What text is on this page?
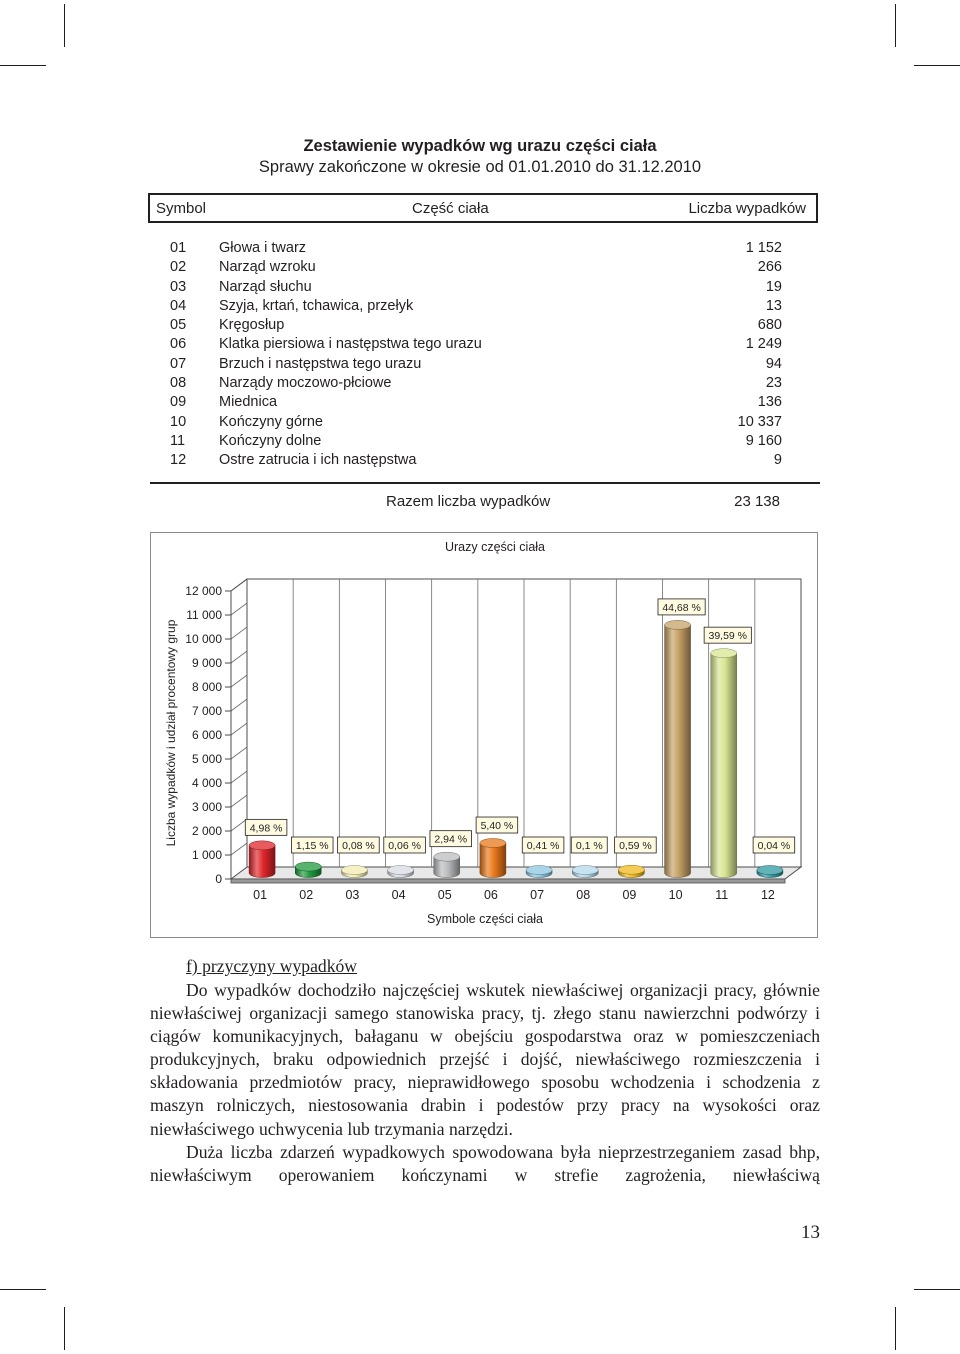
Zestawienie wypadków wg urazu części ciała
Sprawy zakończone w okresie od 01.01.2010 do 31.12.2010
Symbol	Część ciała	Liczba wypadków
01 Głowa i twarz	1 152
02 Narząd wzroku	266
03 Narząd słuchu	19
04 Szyja, krtań, tchawica, przełyk	13
05 Kręgosłup	680
06 Klatka piersiowa i następstwa tego urazu	1 249
07 Brzuch i następstwa tego urazu	94
08 Narządy moczowo-płciowe	23
09 Miednica	136
10 Kończyny górne	10 337
11 Kończyny dolne	9 160
12 Ostre zatrucia i ich następstwa	9
Razem liczba wypadków	23 138
0
1 000
2 000
3 000
4 000
5 000
6 000
7 000
8 000
9 000
10 000
11 000
12 000
4,98 %
01
1,15 %
02
0,08 %
03
0,06 %
04
2,94 %
05
5,40 %
06
0,41 %
07
0,1 %
08
0,59 %
09
44,68 %
10
39,59 %
11
0,04 %
12
Urazy części ciała
Symbole części ciała
Liczba wypadków i udział procentowy grup
f) przyczyny wypadków
Do wypadków dochodziło najczęściej wskutek niewłaściwej organizacji pracy, głównie niewłaściwej organizacji samego stanowiska pracy, tj. złego stanu nawierzchni podwórzy i ciągów komunikacyjnych, bałaganu w obejściu gospodarstwa oraz w pomieszczeniach produkcyjnych, braku odpowiednich przejść i dojść, niewłaściwego rozmieszczenia i składowania przedmiotów pracy, nieprawidłowego sposobu wchodzenia i schodzenia z maszyn rolniczych, niestosowania drabin i podestów przy pracy na wysokości oraz niewłaściwego uchwycenia lub trzymania narzędzi.
Duża liczba zdarzeń wypadkowych spowodowana była nieprzestrzeganiem zasad bhp, niewłaściwym operowaniem kończynami w strefie zagrożenia, niewłaściwą
13
